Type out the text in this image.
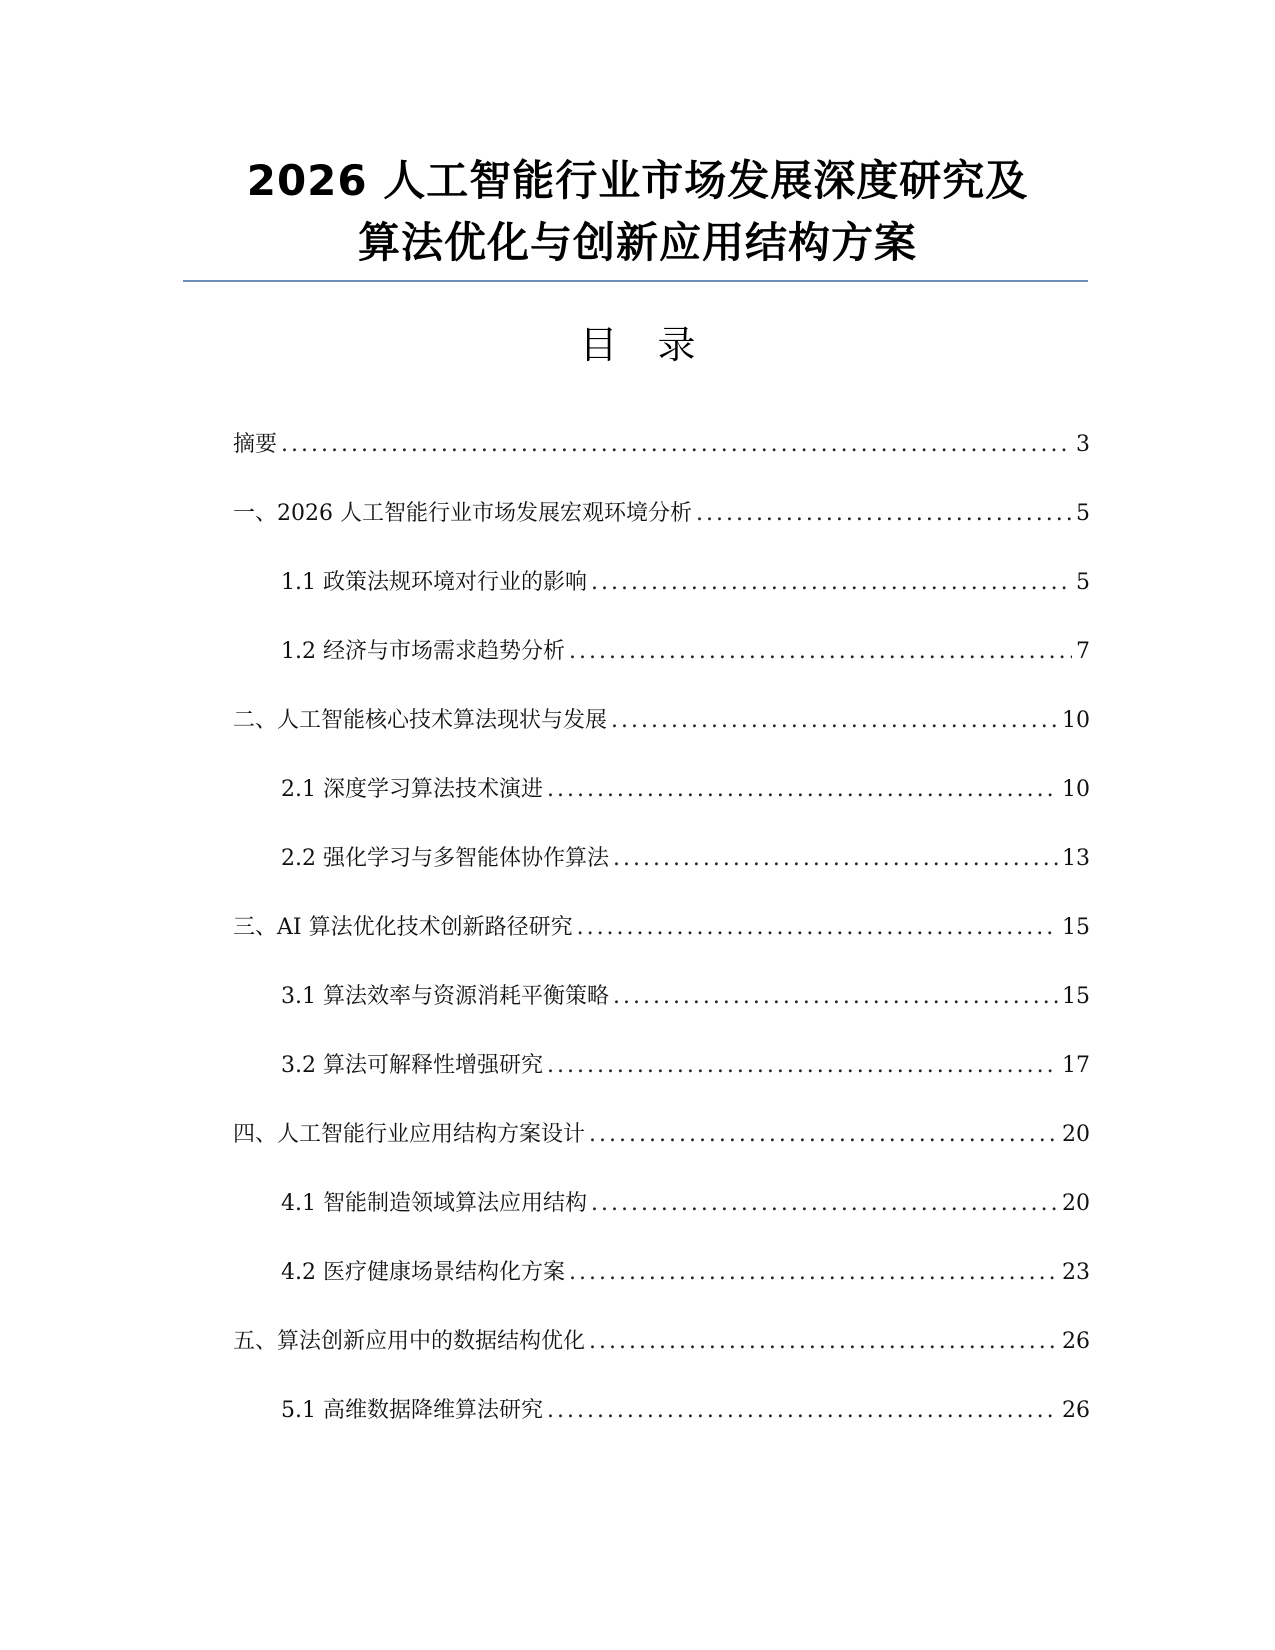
2026 人工智能行业市场发展深度研究及
算法优化与创新应用结构方案
目录
摘要 .....	3
一、2026 人工智能行业市场发展宏观环境分析 .....	5
1.1 政策法规环境对行业的影响 .....	5
1.2 经济与市场需求趋势分析 .....	7
二、人工智能核心技术算法现状与发展 .....	10
2.1 深度学习算法技术演进 .....	10
2.2 强化学习与多智能体协作算法 .....	13
三、AI 算法优化技术创新路径研究 .....	15
3.1 算法效率与资源消耗平衡策略 .....	15
3.2 算法可解释性增强研究 .....	17
四、人工智能行业应用结构方案设计 .....	20
4.1 智能制造领域算法应用结构 .....	20
4.2 医疗健康场景结构化方案 .....	23
五、算法创新应用中的数据结构优化 .....	26
5.1 高维数据降维算法研究 .....	26
